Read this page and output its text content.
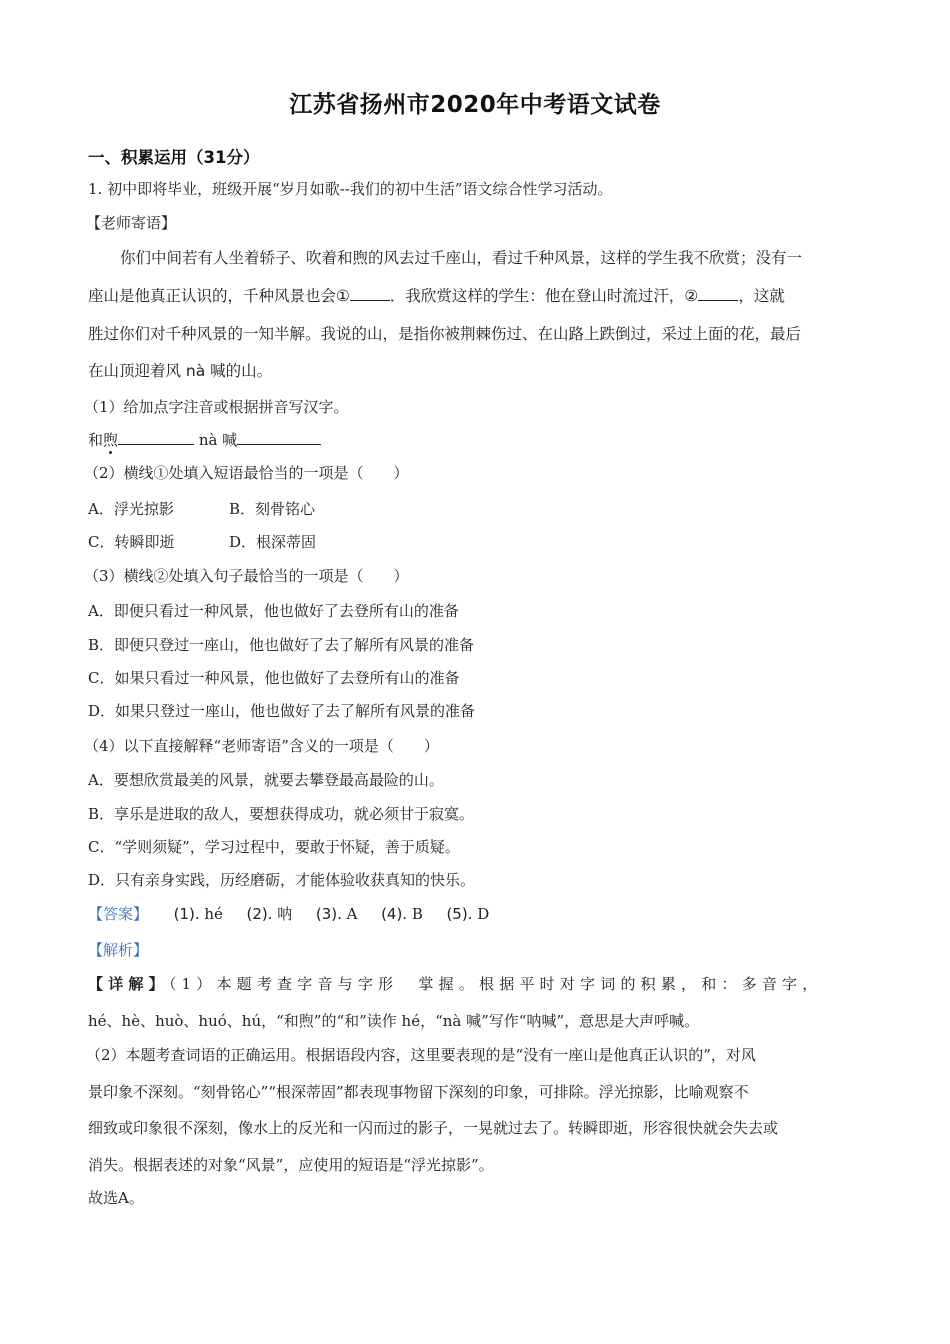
江苏省扬州市2020年中考语文试卷
一、积累运用（31分）
1. 初中即将毕业，班级开展“岁月如歌--我们的初中生活”语文综合性学习活动。
【老师寄语】
你们中间若有人坐着轿子、吹着和煦的风去过千座山，看过千种风景，这样的学生我不欣赏；没有一
座山是他真正认识的，千种风景也会①	．我欣赏这样的学生：他在登山时流过汗，②	，这就
胜过你们对千种风景的一知半解。我说的山，是指你被荆棘伤过、在山路上跌倒过，采过上面的花，最后
在山顶迎着风 nà 喊的山。
（1）给加点字注音或根据拼音写汉字。
和煦	nà 喊
（2）横线①处填入短语最恰当的一项是（　　）
A．浮光掠影	B．刻骨铭心
C．转瞬即逝	D．根深蒂固
（3）横线②处填入句子最恰当的一项是（　　）
A．即便只看过一种风景，他也做好了去登所有山的准备
B．即便只登过一座山，他也做好了去了解所有风景的准备
C．如果只看过一种风景，他也做好了去登所有山的准备
D．如果只登过一座山，他也做好了去了解所有风景的准备
（4）以下直接解释“老师寄语”含义的一项是（　　）
A．要想欣赏最美的风景，就要去攀登最高最险的山。
B．享乐是进取的敌人，要想获得成功，就必须甘于寂寞。
C．“学则须疑”，学习过程中，要敢于怀疑，善于质疑。
D．只有亲身实践，历经磨砺，才能体验收获真知的快乐。
【答案】 (1). hé (2). 呐 (3). A (4). B (5). D
【解析】
【详解】（1）本题考查字音与字形　掌握。根据平时对字词的积累，和：多音字，
hé、hè、huò、huó、hú，“和煦”的“和”读作 hé，“nà 喊”写作“呐喊”，意思是大声呼喊。
（2）本题考查词语的正确运用。根据语段内容，这里要表现的是“没有一座山是他真正认识的”，对风
景印象不深刻。“刻骨铭心”“根深蒂固”都表现事物留下深刻的印象，可排除。浮光掠影，比喻观察不
细致或印象很不深刻，像水上的反光和一闪而过的影子，一晃就过去了。转瞬即逝，形容很快就会失去或
消失。根据表述的对象“风景”，应使用的短语是“浮光掠影”。
故选A。
